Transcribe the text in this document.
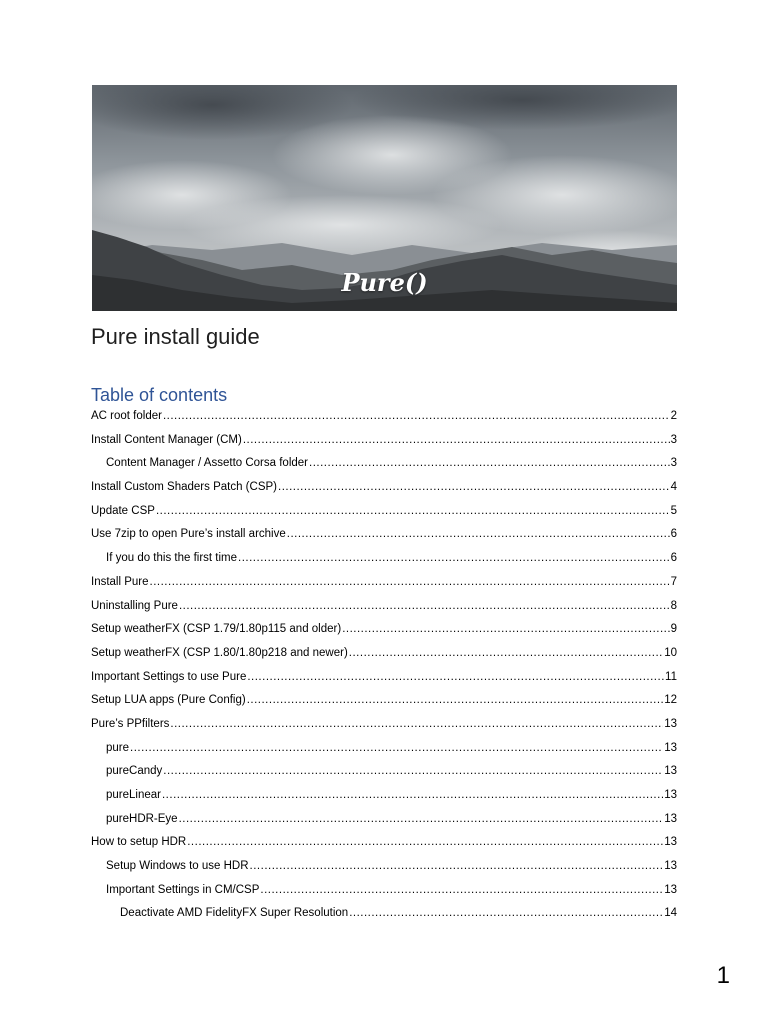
Pure()
Pure install guide
Table of contents
AC root folder .....	2
Install Content Manager (CM) .....	3
Content Manager / Assetto Corsa folder .....	3
Install Custom Shaders Patch (CSP) .....	4
Update CSP .....	5
Use 7zip to open Pure’s install archive .....	6
If you do this the first time .....	6
Install Pure .....	7
Uninstalling Pure .....	8
Setup weatherFX (CSP 1.79/1.80p115 and older) .....	9
Setup weatherFX (CSP 1.80/1.80p218 and newer) .....	10
Important Settings to use Pure .....	11
Setup LUA apps (Pure Config) .....	12
Pure’s PPfilters .....	13
pure .....	13
pureCandy .....	13
pureLinear .....	13
pureHDR-Eye .....	13
How to setup HDR .....	13
Setup Windows to use HDR .....	13
Important Settings in CM/CSP .....	13
Deactivate AMD FidelityFX Super Resolution .....	14
1
